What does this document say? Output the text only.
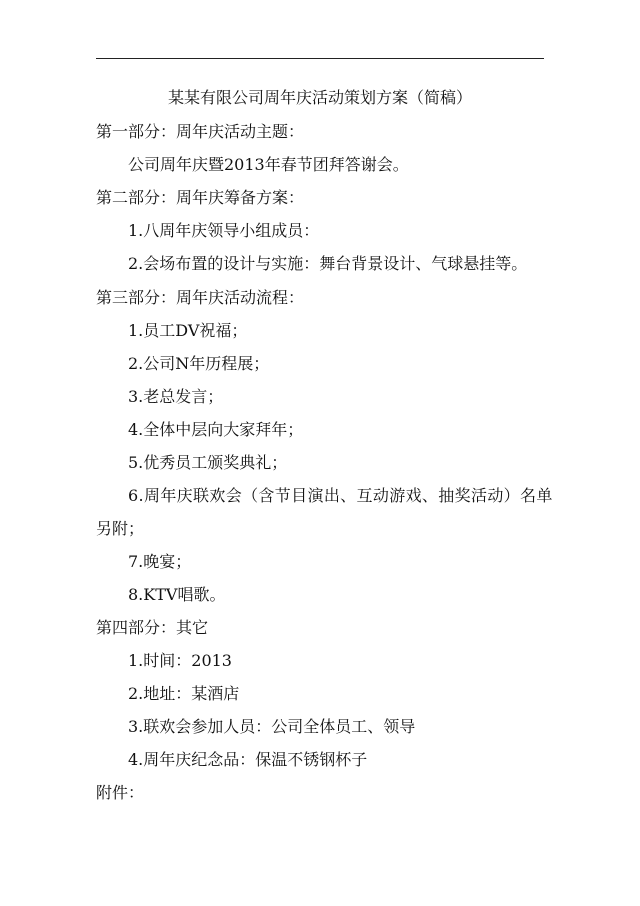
某某有限公司周年庆活动策划方案（简稿）
第一部分：周年庆活动主题：
公司周年庆暨2013年春节团拜答谢会。
第二部分：周年庆筹备方案：
1.八周年庆领导小组成员：
2.会场布置的设计与实施：舞台背景设计、气球悬挂等。
第三部分：周年庆活动流程：
1.员工DV祝福；
2.公司N年历程展；
3.老总发言；
4.全体中层向大家拜年；
5.优秀员工颁奖典礼；
6.周年庆联欢会（含节目演出、互动游戏、抽奖活动）名单
另附；
7.晚宴；
8.KTV唱歌。
第四部分：其它
1.时间：2013
2.地址：某酒店
3.联欢会参加人员：公司全体员工、领导
4.周年庆纪念品：保温不锈钢杯子
附件：
